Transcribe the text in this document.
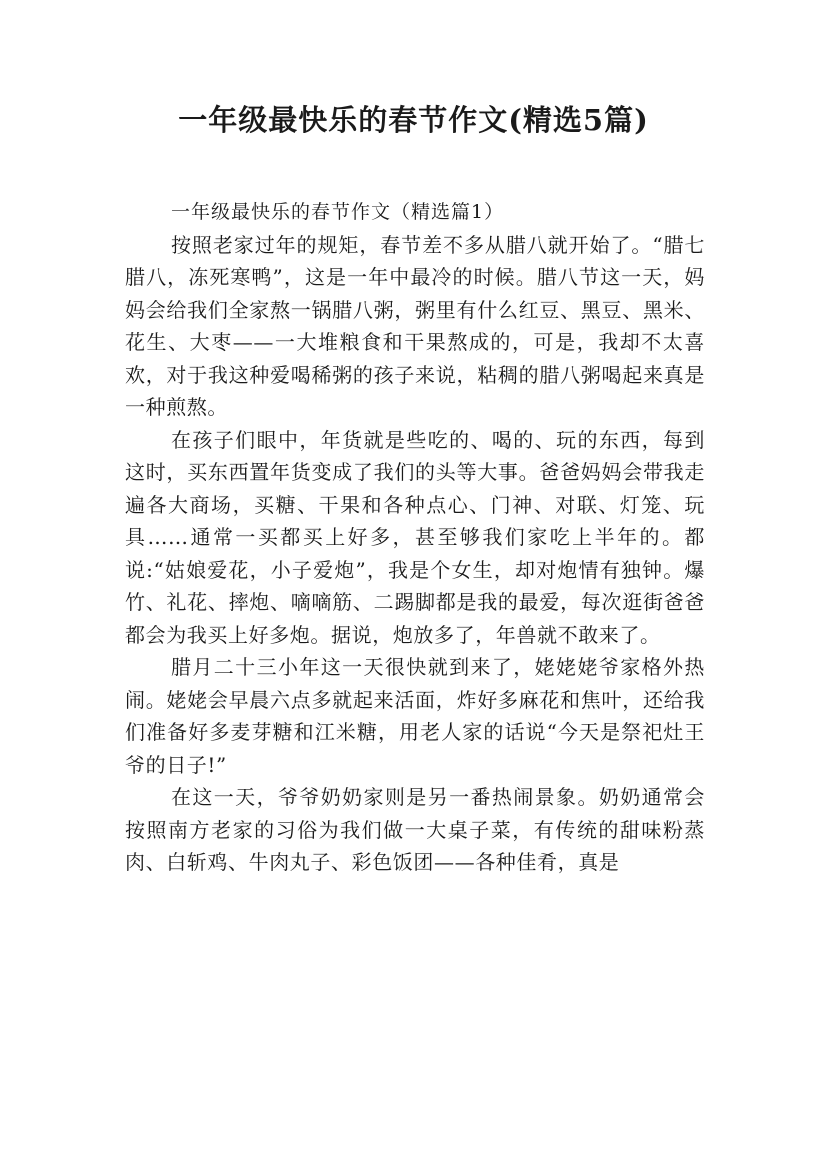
一年级最快乐的春节作文(精选5篇)

一年级最快乐的春节作文（精选篇1）

按照老家过年的规矩，春节差不多从腊八就开始了。“腊七腊八，冻死寒鸭”，这是一年中最冷的时候。腊八节这一天，妈妈会给我们全家熬一锅腊八粥，粥里有什么红豆、黑豆、黑米、花生、大枣——一大堆粮食和干果熬成的，可是，我却不太喜欢，对于我这种爱喝稀粥的孩子来说，粘稠的腊八粥喝起来真是一种煎熬。

在孩子们眼中，年货就是些吃的、喝的、玩的东西，每到这时，买东西置年货变成了我们的头等大事。爸爸妈妈会带我走遍各大商场，买糖、干果和各种点心、门神、对联、灯笼、玩具……通常一买都买上好多，甚至够我们家吃上半年的。都说:“姑娘爱花，小子爱炮”，我是个女生，却对炮情有独钟。爆竹、礼花、摔炮、嘀嘀筋、二踢脚都是我的最爱，每次逛街爸爸都会为我买上好多炮。据说，炮放多了，年兽就不敢来了。

腊月二十三小年这一天很快就到来了，姥姥姥爷家格外热闹。姥姥会早晨六点多就起来活面，炸好多麻花和焦叶，还给我们准备好多麦芽糖和江米糖，用老人家的话说“今天是祭祀灶王爷的日子!”

在这一天，爷爷奶奶家则是另一番热闹景象。奶奶通常会按照南方老家的习俗为我们做一大桌子菜，有传统的甜味粉蒸肉、白斩鸡、牛肉丸子、彩色饭团——各种佳肴，真是
